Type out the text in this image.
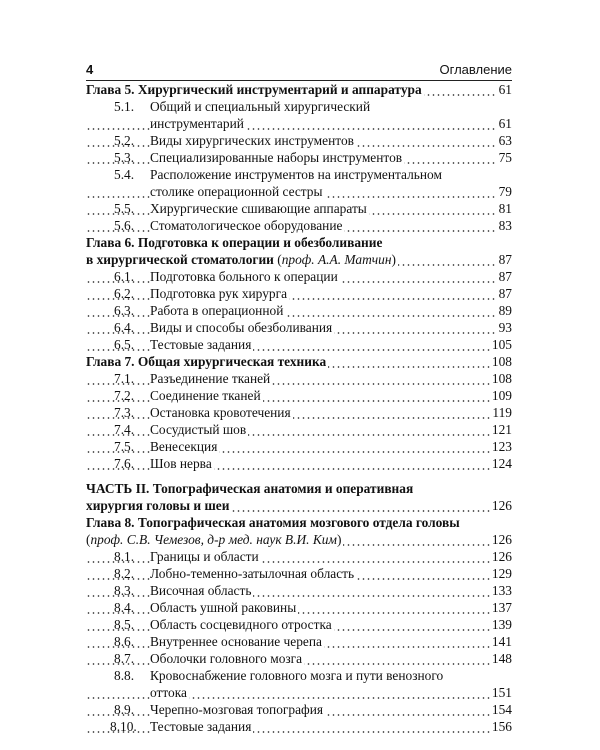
4	Оглавление
Глава 5. Хирургический инструментарий и аппаратура	61
5.1. Общий и специальный хирургический
инструментарий	61
5.2. Виды хирургических инструментов	63
5.3. Специализированные наборы инструментов	75
5.4. Расположение инструментов на инструментальном
столике операционной сестры	79
5.5. Хирургические сшивающие аппараты	81
5.6. Стоматологическое оборудование	83
Глава 6. Подготовка к операции и обезболивание
в хирургической стоматологии (проф. А.А. Матчин)	87
6.1. Подготовка больного к операции	87
6.2. Подготовка рук хирурга	87
6.3. Работа в операционной	89
6.4. Виды и способы обезболивания	93
6.5. Тестовые задания	105
Глава 7. Общая хирургическая техника	108
7.1. Разъединение тканей	108
7.2. Соединение тканей	109
7.3. Остановка кровотечения	119
7.4. Сосудистый шов	121
7.5. Венесекция	123
7.6. Шов нерва	124
ЧАСТЬ II. Топографическая анатомия и оперативная
хирургия головы и шеи	126
Глава 8. Топографическая анатомия мозгового отдела головы
(проф. С.В. Чемезов, д-р мед. наук В.И. Ким)	126
8.1. Границы и области	126
8.2. Лобно-теменно-затылочная область	129
8.3. Височная область	133
8.4. Область ушной раковины	137
8.5. Область сосцевидного отростка	139
8.6. Внутреннее основание черепа	141
8.7. Оболочки головного мозга	148
8.8. Кровоснабжение головного мозга и пути венозного
оттока	151
8.9. Черепно-мозговая топография	154
8.10. Тестовые задания	156
